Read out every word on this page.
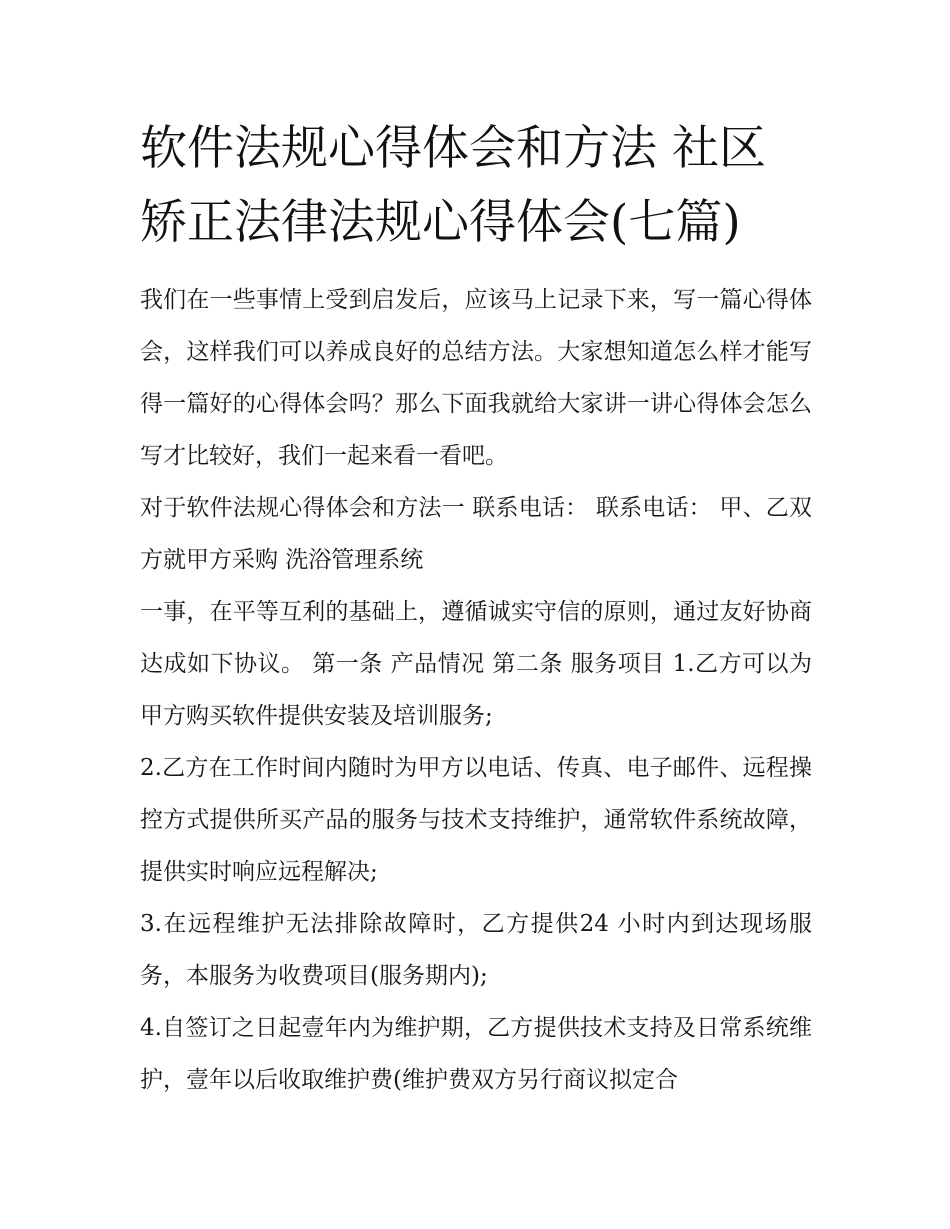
软件法规心得体会和方法 社区矫正法律法规心得体会(七篇)

我们在一些事情上受到启发后，应该马上记录下来，写一篇心得体会，这样我们可以养成良好的总结方法。大家想知道怎么样才能写得一篇好的心得体会吗？那么下面我就给大家讲一讲心得体会怎么写才比较好，我们一起来看一看吧。

对于软件法规心得体会和方法一 联系电话： 联系电话： 甲、乙双方就甲方采购 洗浴管理系统

一事，在平等互利的基础上，遵循诚实守信的原则，通过友好协商达成如下协议。 第一条 产品情况 第二条 服务项目 1.乙方可以为甲方购买软件提供安装及培训服务;

2.乙方在工作时间内随时为甲方以电话、传真、电子邮件、远程操控方式提供所买产品的服务与技术支持维护，通常软件系统故障，提供实时响应远程解决;

3.在远程维护无法排除故障时，乙方提供24 小时内到达现场服务，本服务为收费项目(服务期内);

4.自签订之日起壹年内为维护期，乙方提供技术支持及日常系统维护，壹年以后收取维护费(维护费双方另行商议拟定合
